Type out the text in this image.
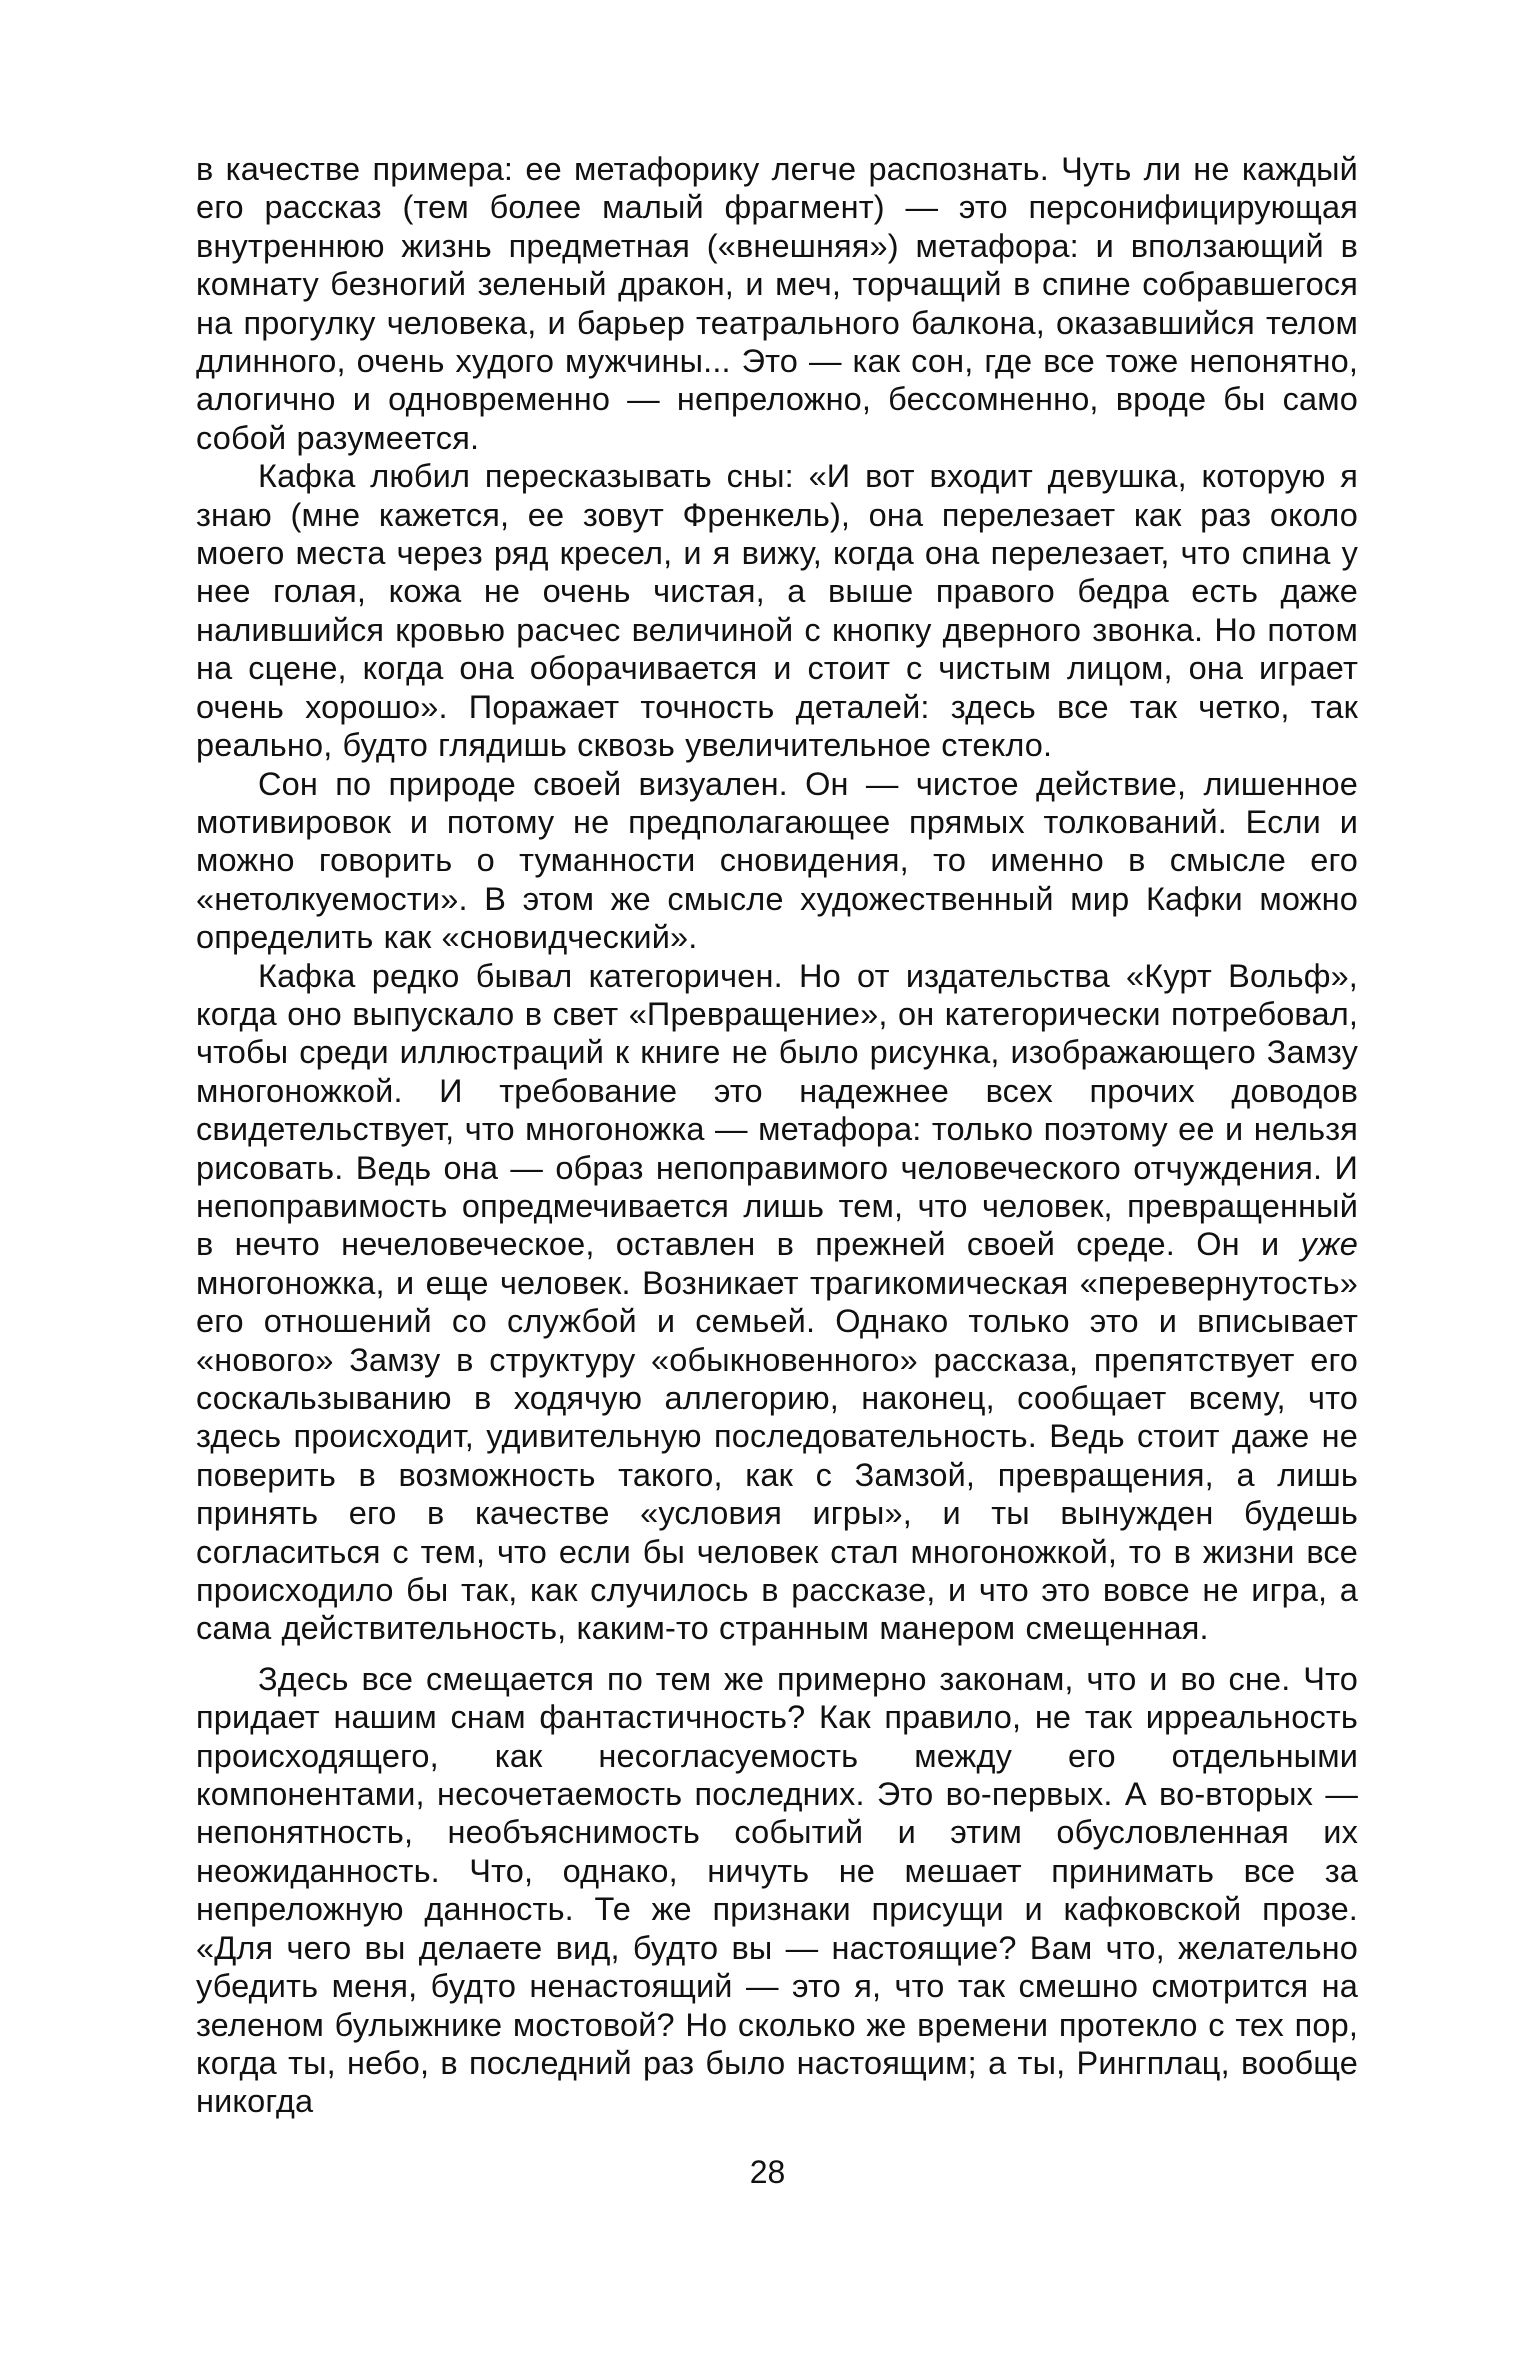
в качестве примера: ее метафорику легче распознать. Чуть ли не каждый его рассказ (тем более малый фрагмент) — это персонифицирующая внутреннюю жизнь предметная («внешняя») метафора: и вползающий в комнату безногий зеленый дракон, и меч, торчащий в спине собравшегося на прогулку человека, и барьер театрального балкона, оказавшийся телом длинного, очень худого мужчины... Это — как сон, где все тоже непонятно, алогично и одновременно — непреложно, бессомненно, вроде бы само собой разумеется.

Кафка любил пересказывать сны: «И вот входит девушка, которую я знаю (мне кажется, ее зовут Френкель), она перелезает как раз около моего места через ряд кресел, и я вижу, когда она перелезает, что спина у нее голая, кожа не очень чистая, а выше правого бедра есть даже налившийся кровью расчес величиной с кнопку дверного звонка. Но потом на сцене, когда она оборачивается и стоит с чистым лицом, она играет очень хорошо». Поражает точность деталей: здесь все так четко, так реально, будто глядишь сквозь увеличительное стекло.

Сон по природе своей визуален. Он — чистое действие, лишенное мотивировок и потому не предполагающее прямых толкований. Если и можно говорить о туманности сновидения, то именно в смысле его «нетолкуемости». В этом же смысле художественный мир Кафки можно определить как «сновидческий».

Кафка редко бывал категоричен. Но от издательства «Курт Вольф», когда оно выпускало в свет «Превращение», он категорически потребовал, чтобы среди иллюстраций к книге не было рисунка, изображающего Замзу многоножкой. И требование это надежнее всех прочих доводов свидетельствует, что многоножка — метафора: только поэтому ее и нельзя рисовать. Ведь она — образ непоправимого человеческого отчуждения. И непоправимость опредмечивается лишь тем, что человек, превращенный в нечто нечеловеческое, оставлен в прежней своей среде. Он и уже многоножка, и еще человек. Возникает трагикомическая «перевернутость» его отношений со службой и семьей. Однако только это и вписывает «нового» Замзу в структуру «обыкновенного» рассказа, препятствует его соскальзыванию в ходячую аллегорию, наконец, сообщает всему, что здесь происходит, удивительную последовательность. Ведь стоит даже не поверить в возможность такого, как с Замзой, превращения, а лишь принять его в качестве «условия игры», и ты вынужден будешь согласиться с тем, что если бы человек стал многоножкой, то в жизни все происходило бы так, как случилось в рассказе, и что это вовсе не игра, а сама действительность, каким-то странным манером смещенная.

Здесь все смещается по тем же примерно законам, что и во сне. Что придает нашим снам фантастичность? Как правило, не так ирреальность происходящего, как несогласуемость между его отдельными компонентами, несочетаемость последних. Это во-первых. А во-вторых — непонятность, необъяснимость событий и этим обусловленная их неожиданность. Что, однако, ничуть не мешает принимать все за непреложную данность. Те же признаки присущи и кафковской прозе. «Для чего вы делаете вид, будто вы — настоящие? Вам что, желательно убедить меня, будто ненастоящий — это я, что так смешно смотрится на зеленом булыжнике мостовой? Но сколько же времени протекло с тех пор, когда ты, небо, в последний раз было настоящим; а ты, Рингплац, вообще никогда

28
